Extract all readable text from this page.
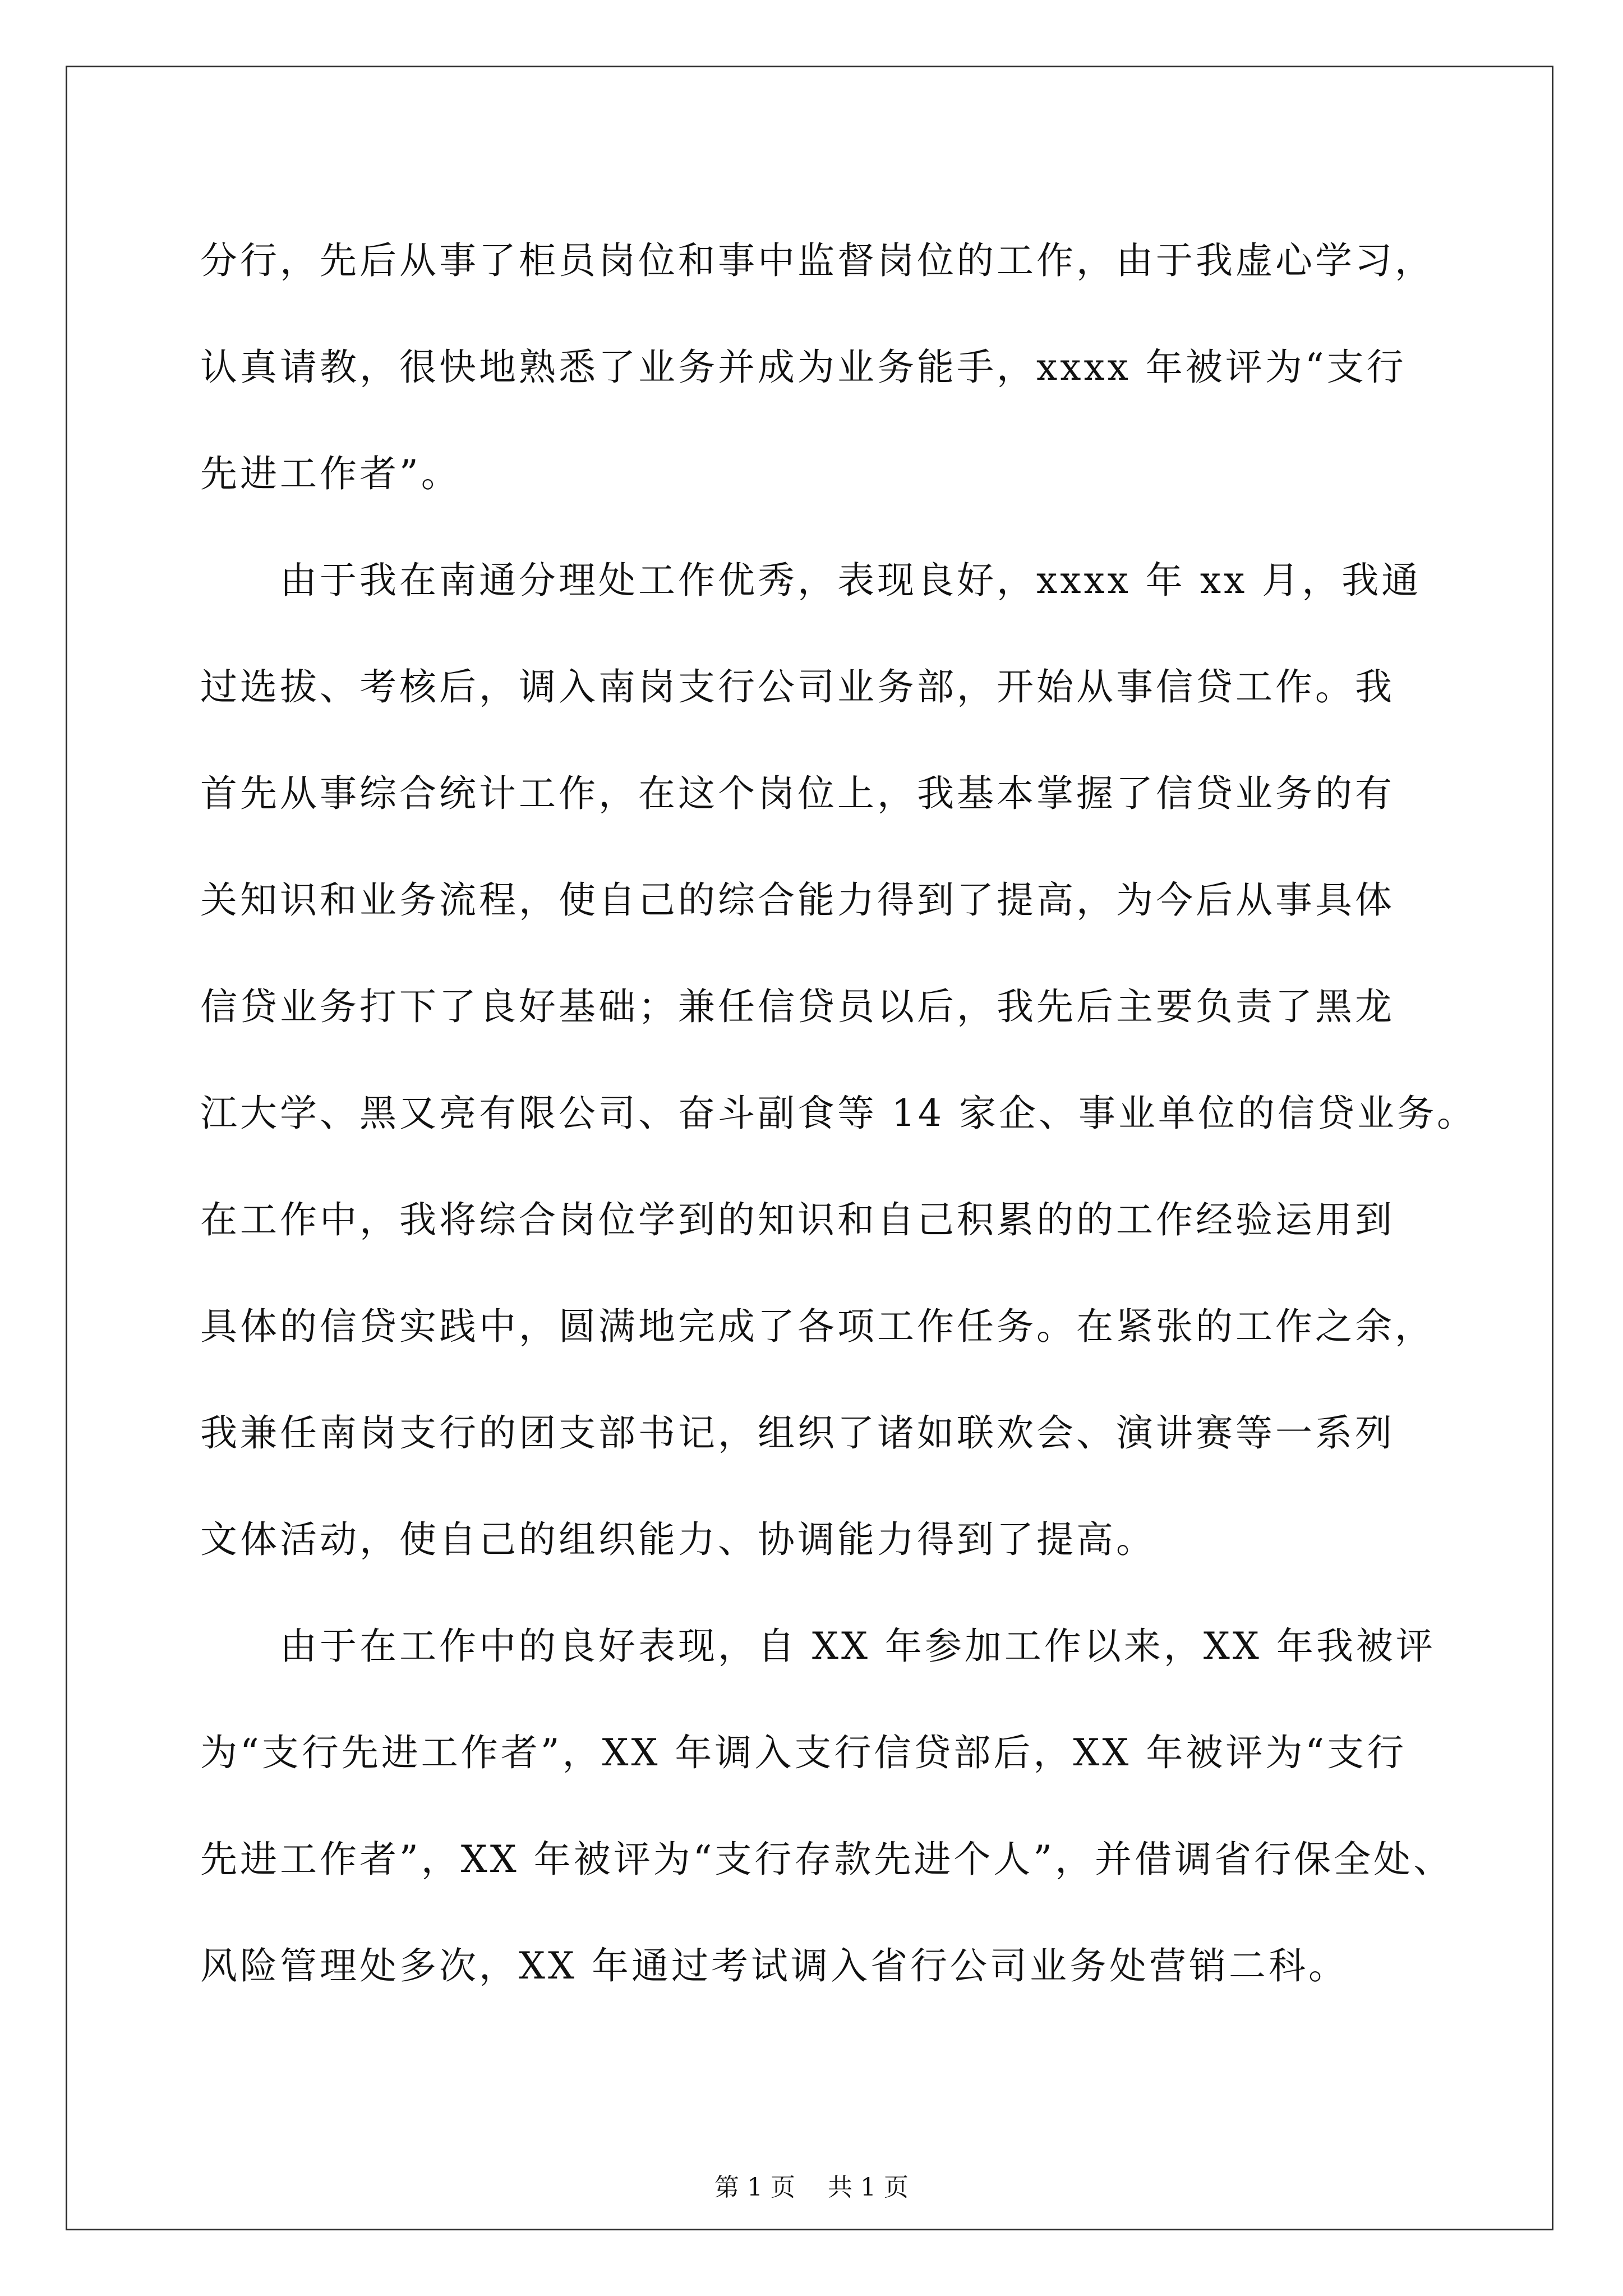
分行，先后从事了柜员岗位和事中监督岗位的工作，由于我虚心学习，

认真请教，很快地熟悉了业务并成为业务能手，xxxx 年被评为“支行

先进工作者”。

　　由于我在南通分理处工作优秀，表现良好，xxxx 年 xx 月，我通

过选拔、考核后，调入南岗支行公司业务部，开始从事信贷工作。我

首先从事综合统计工作，在这个岗位上，我基本掌握了信贷业务的有

关知识和业务流程，使自己的综合能力得到了提高，为今后从事具体

信贷业务打下了良好基础；兼任信贷员以后，我先后主要负责了黑龙

江大学、黑又亮有限公司、奋斗副食等 14 家企、事业单位的信贷业务。

在工作中，我将综合岗位学到的知识和自己积累的的工作经验运用到

具体的信贷实践中，圆满地完成了各项工作任务。在紧张的工作之余，

我兼任南岗支行的团支部书记，组织了诸如联欢会、演讲赛等一系列

文体活动，使自己的组织能力、协调能力得到了提高。

　　由于在工作中的良好表现，自 XX 年参加工作以来，XX 年我被评

为“支行先进工作者”，XX 年调入支行信贷部后，XX 年被评为“支行

先进工作者”，XX 年被评为“支行存款先进个人”，并借调省行保全处、

风险管理处多次，XX 年通过考试调入省行公司业务处营销二科。

第 1 页 共 1 页
